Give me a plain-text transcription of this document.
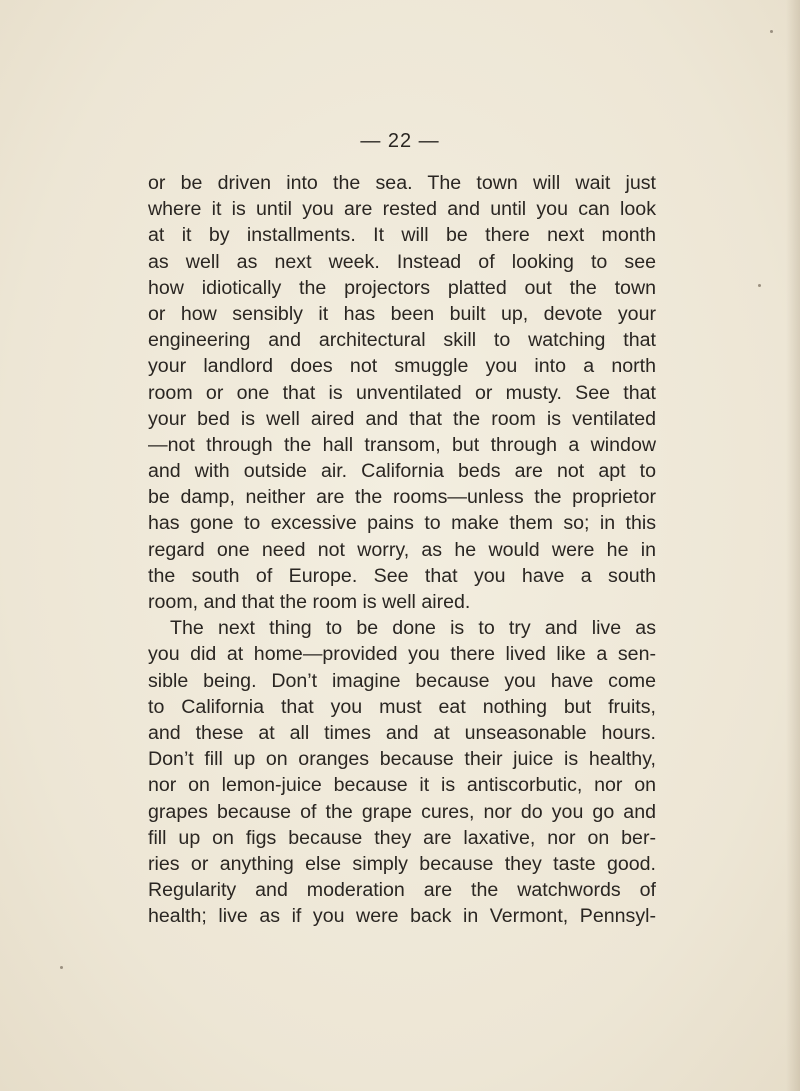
— 22 —
or be driven into the sea. The town will wait just
where it is until you are rested and until you can look
at it by installments. It will be there next month
as well as next week. Instead of looking to see
how idiotically the projectors platted out the town
or how sensibly it has been built up, devote your
engineering and architectural skill to watching that
your landlord does not smuggle you into a north
room or one that is unventilated or musty. See that
your bed is well aired and that the room is ventilated
—not through the hall transom, but through a window
and with outside air. California beds are not apt to
be damp, neither are the rooms—unless the proprietor
has gone to excessive pains to make them so; in this
regard one need not worry, as he would were he in
the south of Europe. See that you have a south
room, and that the room is well aired.
The next thing to be done is to try and live as
you did at home—provided you there lived like a sen-
sible being. Don’t imagine because you have come
to California that you must eat nothing but fruits,
and these at all times and at unseasonable hours.
Don’t fill up on oranges because their juice is healthy,
nor on lemon-juice because it is antiscorbutic, nor on
grapes because of the grape cures, nor do you go and
fill up on figs because they are laxative, nor on ber-
ries or anything else simply because they taste good.
Regularity and moderation are the watchwords of
health; live as if you were back in Vermont, Pennsyl-
